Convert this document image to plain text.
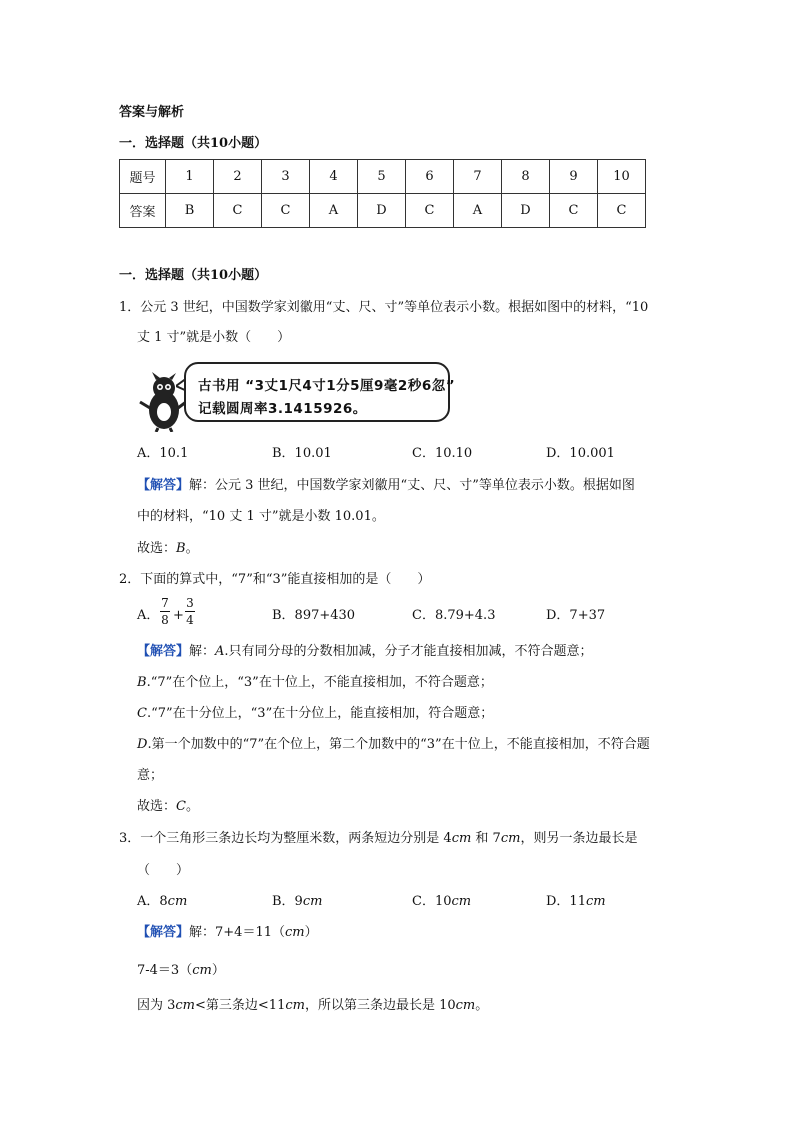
答案与解析
一．选择题（共10小题）
题号	1	2	3	4	5	6	7	8	9	10
答案	B	C	C	A	D	C	A	D	C	C
一．选择题（共10小题）
1．公元 3 世纪，中国数学家刘徽用“丈、尺、寸”等单位表示小数。根据如图中的材料，“10
丈 1 寸”就是小数（　　）
古书用 “3丈1尺4寸1分5厘9毫2秒6忽”
记载圆周率3.1415926。
A．10.1	B．10.01	C．10.10	D．10.001
【解答】解：公元 3 世纪，中国数学家刘徽用“丈、尺、寸”等单位表示小数。根据如图
中的材料，“10 丈 1 寸”就是小数 10.01。
故选：B。
2．下面的算式中，“7”和“3”能直接相加的是（　　）
A．
7
8 +
3
4	B．897+430	C．8.79+4.3	D．7+37
【解答】解：A.只有同分母的分数相加减，分子才能直接相加减，不符合题意；
B.“7”在个位上，“3”在十位上，不能直接相加，不符合题意；
C.“7”在十分位上，“3”在十分位上，能直接相加，符合题意；
D.第一个加数中的“7”在个位上，第二个加数中的“3”在十位上，不能直接相加，不符合题
意；
故选：C。
3．一个三角形三条边长均为整厘米数，两条短边分别是 4cm 和 7cm，则另一条边最长是
（　　）
A．8cm	B．9cm	C．10cm	D．11cm
【解答】解：7+4＝11（cm）
7-4＝3（cm）
因为 3cm<第三条边<11cm，所以第三条边最长是 10cm。
